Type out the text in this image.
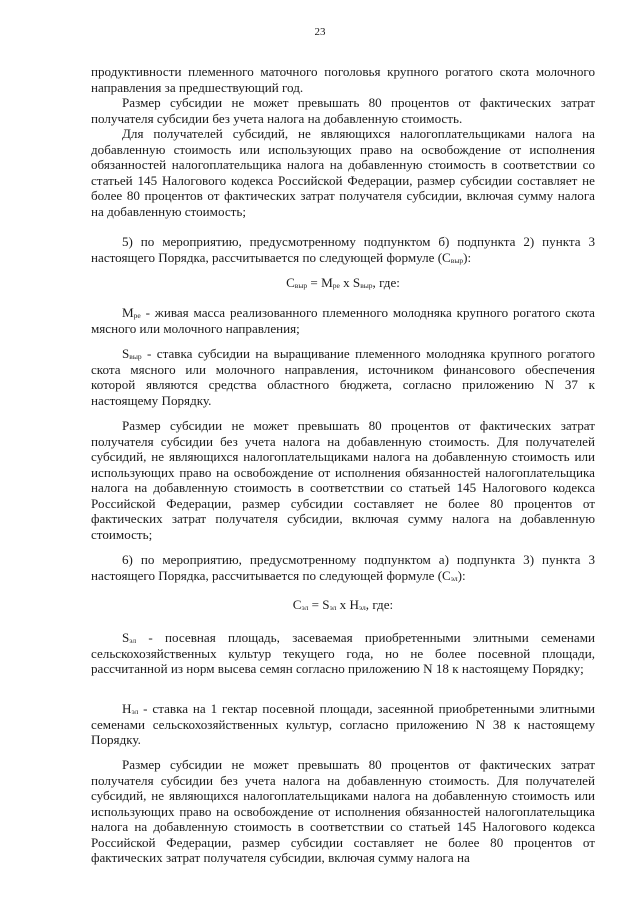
23

продуктивности племенного маточного поголовья крупного рогатого скота молочного направления за предшествующий год.

Размер субсидии не может превышать 80 процентов от фактических затрат получателя субсидии без учета налога на добавленную стоимость.

Для получателей субсидий, не являющихся налогоплательщиками налога на добавленную стоимость или использующих право на освобождение от исполнения обязанностей налогоплательщика налога на добавленную стоимость в соответствии со статьей 145 Налогового кодекса Российской Федерации, размер субсидии составляет не более 80 процентов от фактических затрат получателя субсидии, включая сумму налога на добавленную стоимость;

5) по мероприятию, предусмотренному подпунктом б) подпункта 2) пункта 3 настоящего Порядка, рассчитывается по следующей формуле $(С_{выр})$:

$С_{выр} = М_{ре}$ x $S_{выр}$, где:

$М_{ре}$ - живая масса реализованного племенного молодняка крупного рогатого скота мясного или молочного направления;

$S_{выр}$ - ставка субсидии на выращивание племенного молодняка крупного рогатого скота мясного или молочного направления, источником финансового обеспечения которой являются средства областного бюджета, согласно приложению N 37 к настоящему Порядку.

Размер субсидии не может превышать 80 процентов от фактических затрат получателя субсидии без учета налога на добавленную стоимость. Для получателей субсидий, не являющихся налогоплательщиками налога на добавленную стоимость или использующих право на освобождение от исполнения обязанностей налогоплательщика налога на добавленную стоимость в соответствии со статьей 145 Налогового кодекса Российской Федерации, размер субсидии составляет не более 80 процентов от фактических затрат получателя субсидии, включая сумму налога на добавленную стоимость;

6) по мероприятию, предусмотренному подпунктом а) подпункта 3) пункта 3 настоящего Порядка, рассчитывается по следующей формуле $(С_{эл})$:

$С_{эл} = S_{эл}$ x $Н_{эл}$, где:

$S_{эл}$ - посевная площадь, засеваемая приобретенными элитными семенами сельскохозяйственных культур текущего года, но не более посевной площади, рассчитанной из норм высева семян согласно приложению N 18 к настоящему Порядку;

$Н_{эл}$ - ставка на 1 гектар посевной площади, засеянной приобретенными элитными семенами сельскохозяйственных культур, согласно приложению N 38 к настоящему Порядку.

Размер субсидии не может превышать 80 процентов от фактических затрат получателя субсидии без учета налога на добавленную стоимость. Для получателей субсидий, не являющихся налогоплательщиками налога на добавленную стоимость или использующих право на освобождение от исполнения обязанностей налогоплательщика налога на добавленную стоимость в соответствии со статьей 145 Налогового кодекса Российской Федерации, размер субсидии составляет не более 80 процентов от фактических затрат получателя субсидии, включая сумму налога на
